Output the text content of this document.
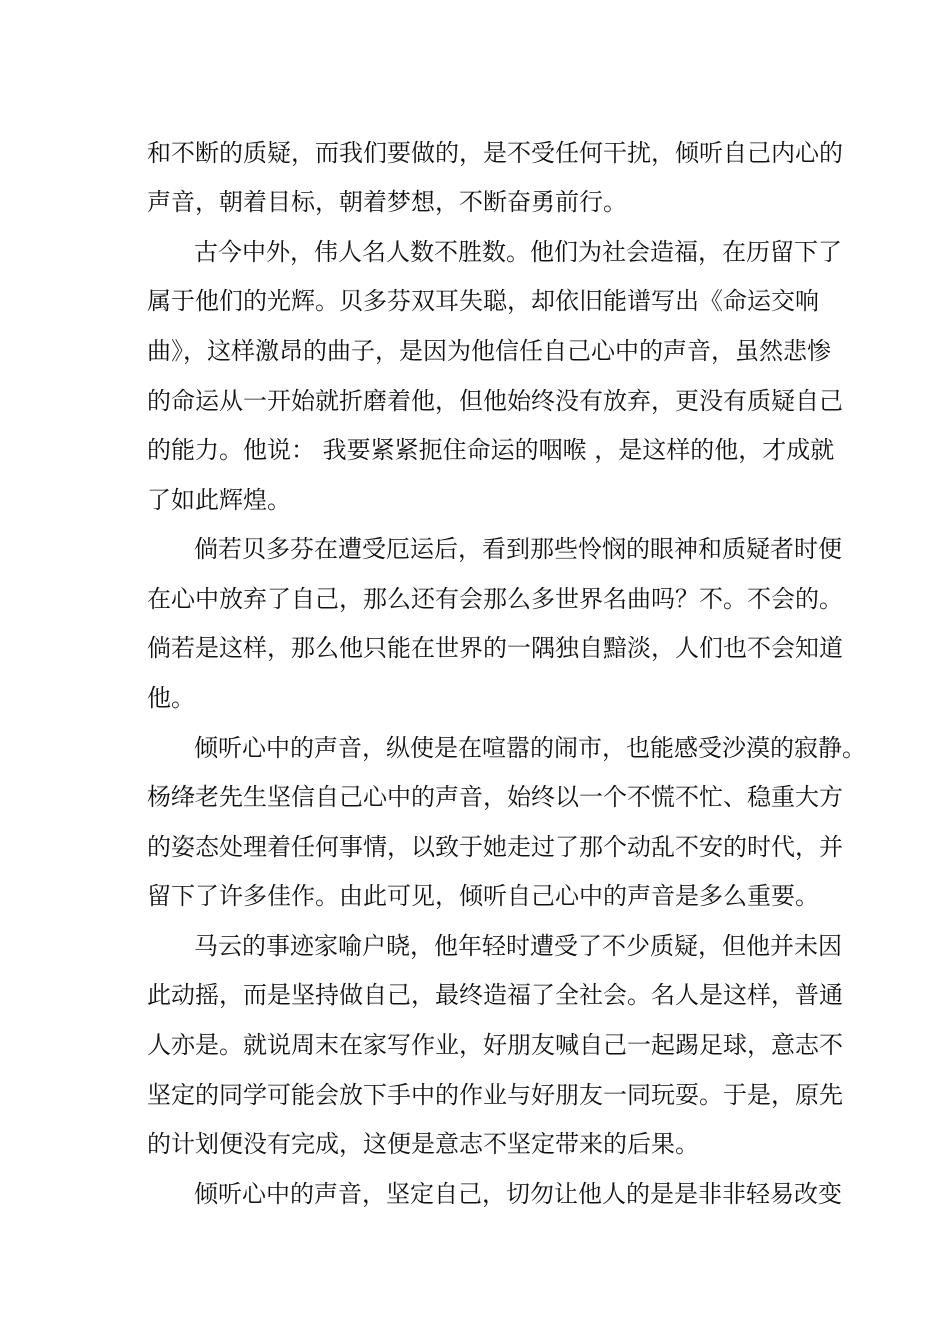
和不断的质疑，而我们要做的，是不受任何干扰，倾听自己内心的
声音，朝着目标，朝着梦想，不断奋勇前行。
古今中外，伟人名人数不胜数。他们为社会造福，在历留下了
属于他们的光辉。贝多芬双耳失聪，却依旧能谱写出《命运交响
曲》，这样激昂的曲子，是因为他信任自己心中的声音，虽然悲惨
的命运从一开始就折磨着他，但他始终没有放弃，更没有质疑自己
的能力。他说： 我要紧紧扼住命运的咽喉 ，是这样的他，才成就
了如此辉煌。
倘若贝多芬在遭受厄运后，看到那些怜悯的眼神和质疑者时便
在心中放弃了自己，那么还有会那么多世界名曲吗？不。不会的。
倘若是这样，那么他只能在世界的一隅独自黯淡，人们也不会知道
他。
倾听心中的声音，纵使是在喧嚣的闹市，也能感受沙漠的寂静。
杨绛老先生坚信自己心中的声音，始终以一个不慌不忙、稳重大方
的姿态处理着任何事情，以致于她走过了那个动乱不安的时代，并
留下了许多佳作。由此可见，倾听自己心中的声音是多么重要。
马云的事迹家喻户晓，他年轻时遭受了不少质疑，但他并未因
此动摇，而是坚持做自己，最终造福了全社会。名人是这样，普通
人亦是。就说周末在家写作业，好朋友喊自己一起踢足球，意志不
坚定的同学可能会放下手中的作业与好朋友一同玩耍。于是，原先
的计划便没有完成，这便是意志不坚定带来的后果。
倾听心中的声音，坚定自己，切勿让他人的是是非非轻易改变
